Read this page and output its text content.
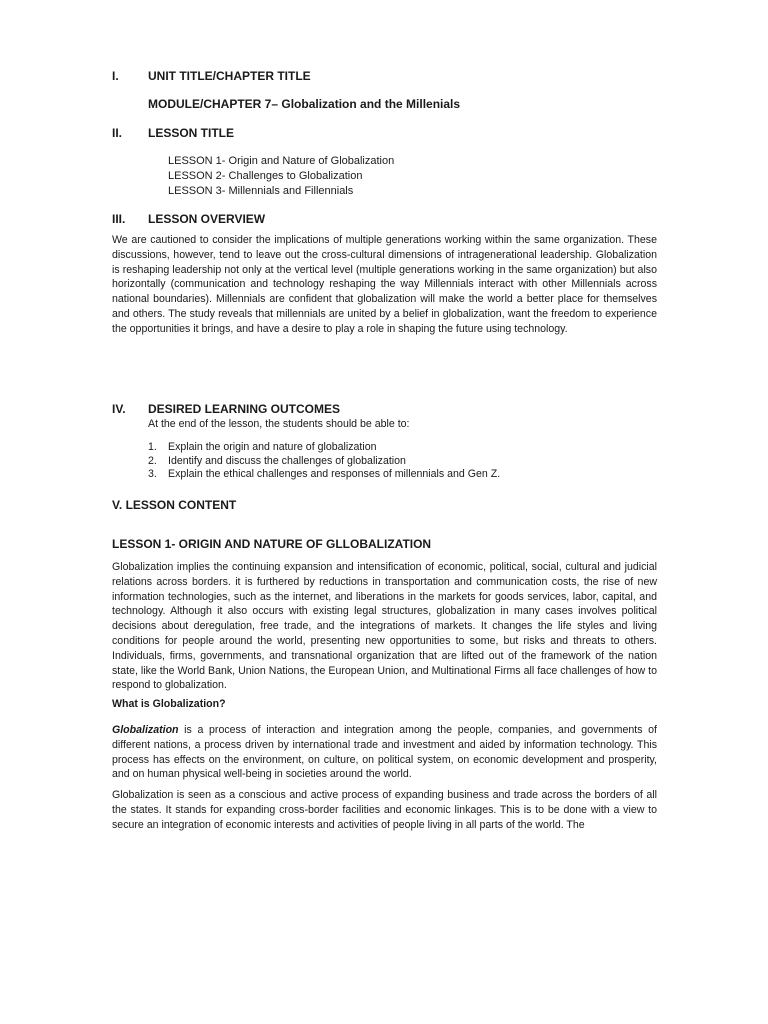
I. UNIT TITLE/CHAPTER TITLE
MODULE/CHAPTER 7– Globalization and the Millenials
II. LESSON TITLE
LESSON 1- Origin and Nature of Globalization
LESSON 2- Challenges to Globalization
LESSON 3- Millennials and Fillennials
III. LESSON OVERVIEW
We are cautioned to consider the implications of multiple generations working within the same organization. These discussions, however, tend to leave out the cross-cultural dimensions of intragenerational leadership. Globalization is reshaping leadership not only at the vertical level (multiple generations working in the same organization) but also horizontally (communication and technology reshaping the way Millennials interact with other Millennials across national boundaries). Millennials are confident that globalization will make the world a better place for themselves and others. The study reveals that millennials are united by a belief in globalization, want the freedom to experience the opportunities it brings, and have a desire to play a role in shaping the future using technology.
IV. DESIRED LEARNING OUTCOMES
At the end of the lesson, the students should be able to:
1. Explain the origin and nature of globalization
2. Identify and discuss the challenges of globalization
3. Explain the ethical challenges and responses of millennials and Gen Z.
V. LESSON CONTENT
LESSON 1- ORIGIN AND NATURE OF GLLOBALIZATION
Globalization implies the continuing expansion and intensification of economic, political, social, cultural and judicial relations across borders. it is furthered by reductions in transportation and communication costs, the rise of new information technologies, such as the internet, and liberations in the markets for goods services, labor, capital, and technology. Although it also occurs with existing legal structures, globalization in many cases involves political decisions about deregulation, free trade, and the integrations of markets. It changes the life styles and living conditions for people around the world, presenting new opportunities to some, but risks and threats to others. Individuals, firms, governments, and transnational organization that are lifted out of the framework of the nation state, like the World Bank, Union Nations, the European Union, and Multinational Firms all face challenges of how to respond to globalization.
What is Globalization?
Globalization is a process of interaction and integration among the people, companies, and governments of different nations, a process driven by international trade and investment and aided by information technology. This process has effects on the environment, on culture, on political system, on economic development and prosperity, and on human physical well-being in societies around the world.
Globalization is seen as a conscious and active process of expanding business and trade across the borders of all the states. It stands for expanding cross-border facilities and economic linkages. This is to be done with a view to secure an integration of economic interests and activities of people living in all parts of the world. The
